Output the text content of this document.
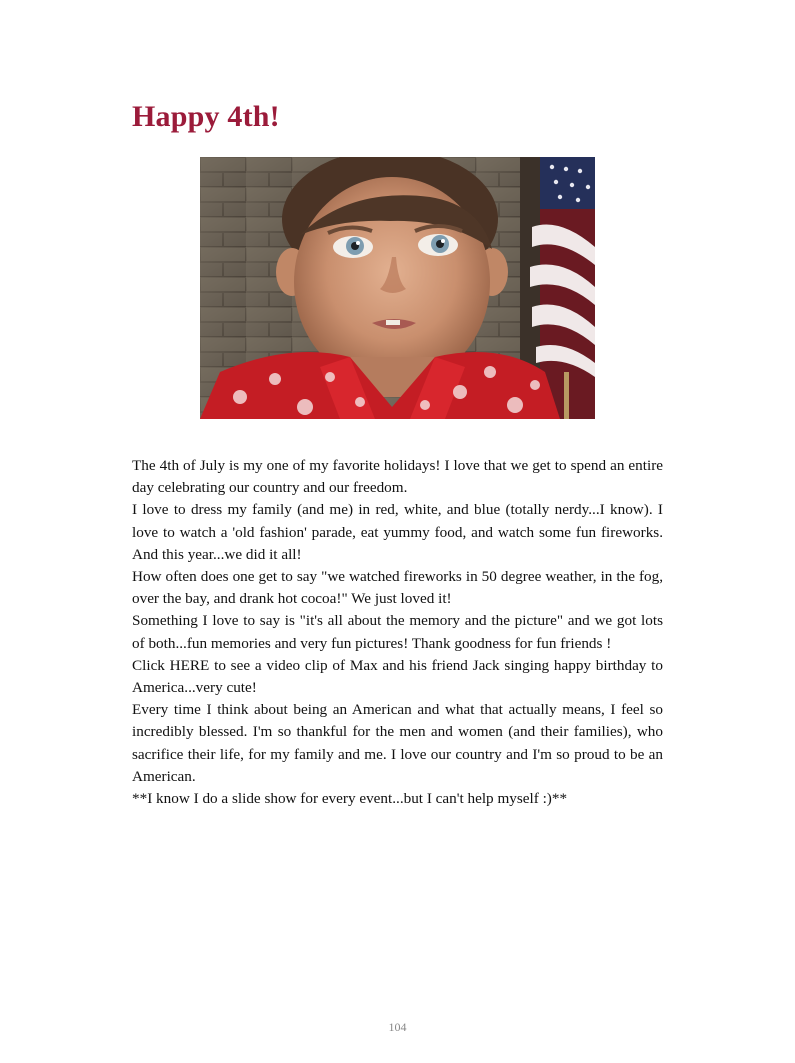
Happy 4th!

The 4th of July is my one of my favorite holidays! I love that we get to spend an entire day celebrating our country and our freedom.

I love to dress my family (and me) in red, white, and blue (totally nerdy...I know). I love to watch a 'old fashion' parade, eat yummy food, and watch some fun fireworks. And this year...we did it all!

How often does one get to say "we watched fireworks in 50 degree weather, in the fog, over the bay, and drank hot cocoa!" We just loved it!

Something I love to say is "it's all about the memory and the picture" and we got lots of both...fun memories and very fun pictures! Thank goodness for fun friends !

Click HERE to see a video clip of Max and his friend Jack singing happy birthday to America...very cute!

Every time I think about being an American and what that actually means, I feel so incredibly blessed. I'm so thankful for the men and women (and their families), who sacrifice their life, for my family and me. I love our country and I'm so proud to be an American.

**I know I do a slide show for every event...but I can't help myself :)**

104
